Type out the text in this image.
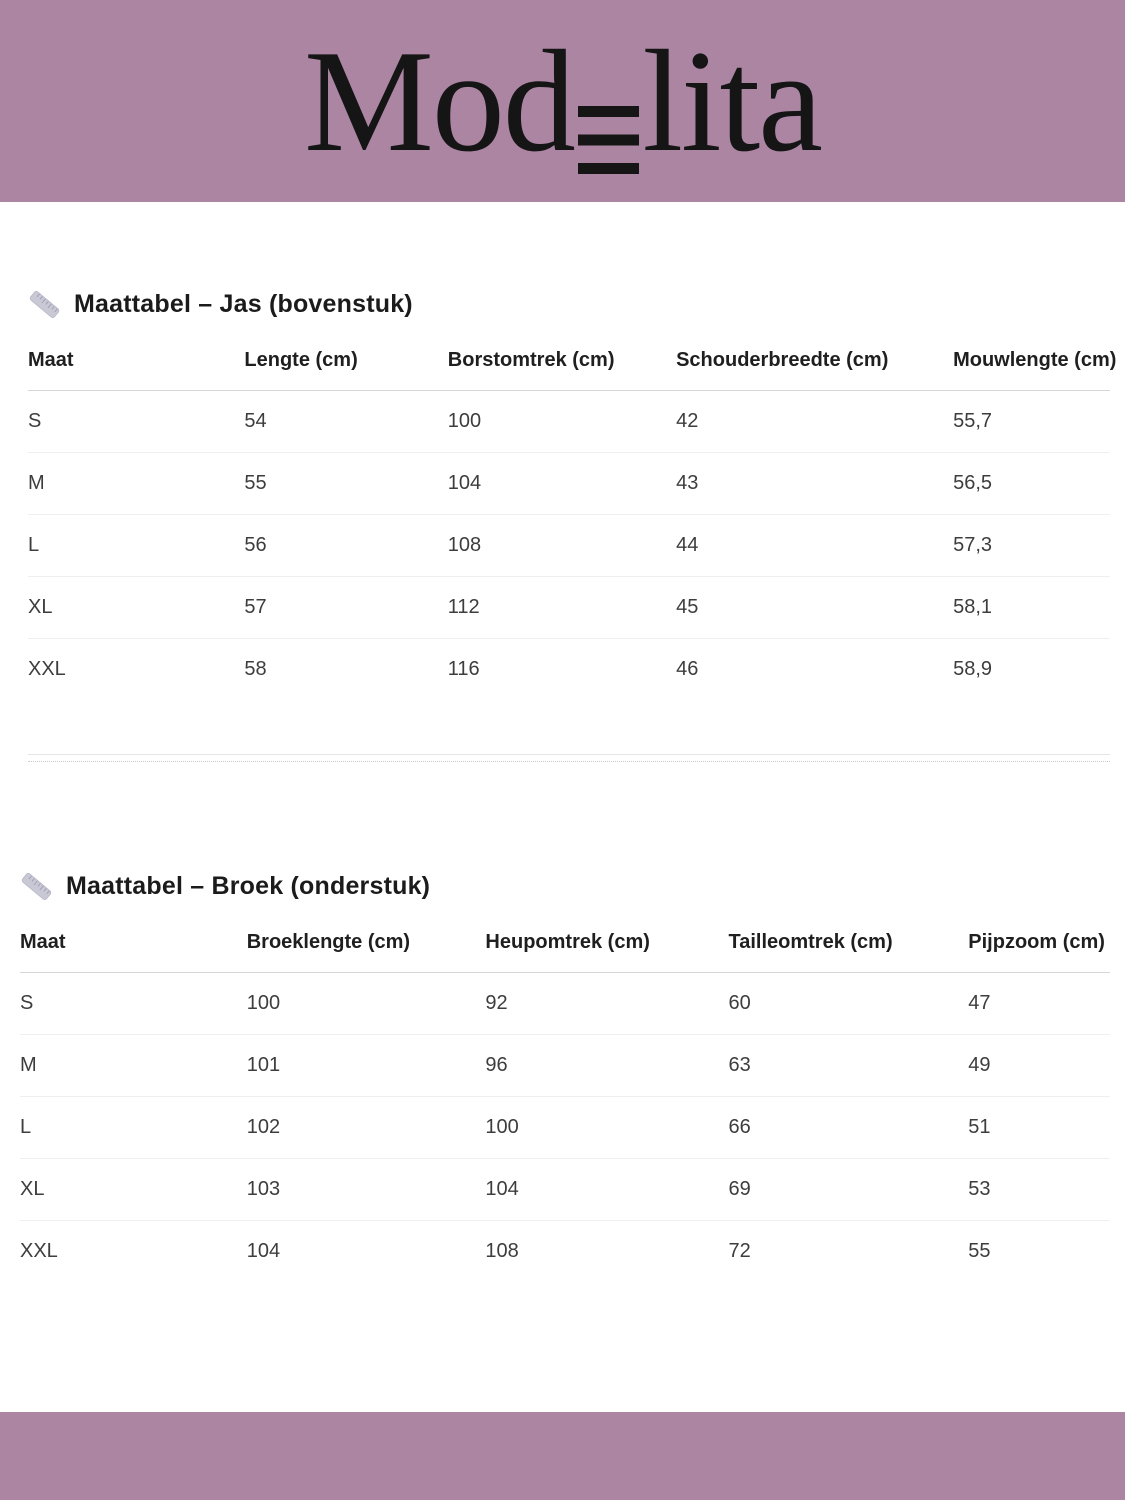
Mod lita
Maattabel – Jas (bovenstuk)
Maat	Lengte (cm)	Borstomtrek (cm)	Schouderbreedte (cm)	Mouwlengte (cm)
S	54	100	42	55,7
M	55	104	43	56,5
L	56	108	44	57,3
XL	57	112	45	58,1
XXL	58	116	46	58,9
Maattabel – Broek (onderstuk)
Maat	Broeklengte (cm)	Heupomtrek (cm)	Tailleomtrek (cm)	Pijpzoom (cm)
S	100	92	60	47
M	101	96	63	49
L	102	100	66	51
XL	103	104	69	53
XXL	104	108	72	55
